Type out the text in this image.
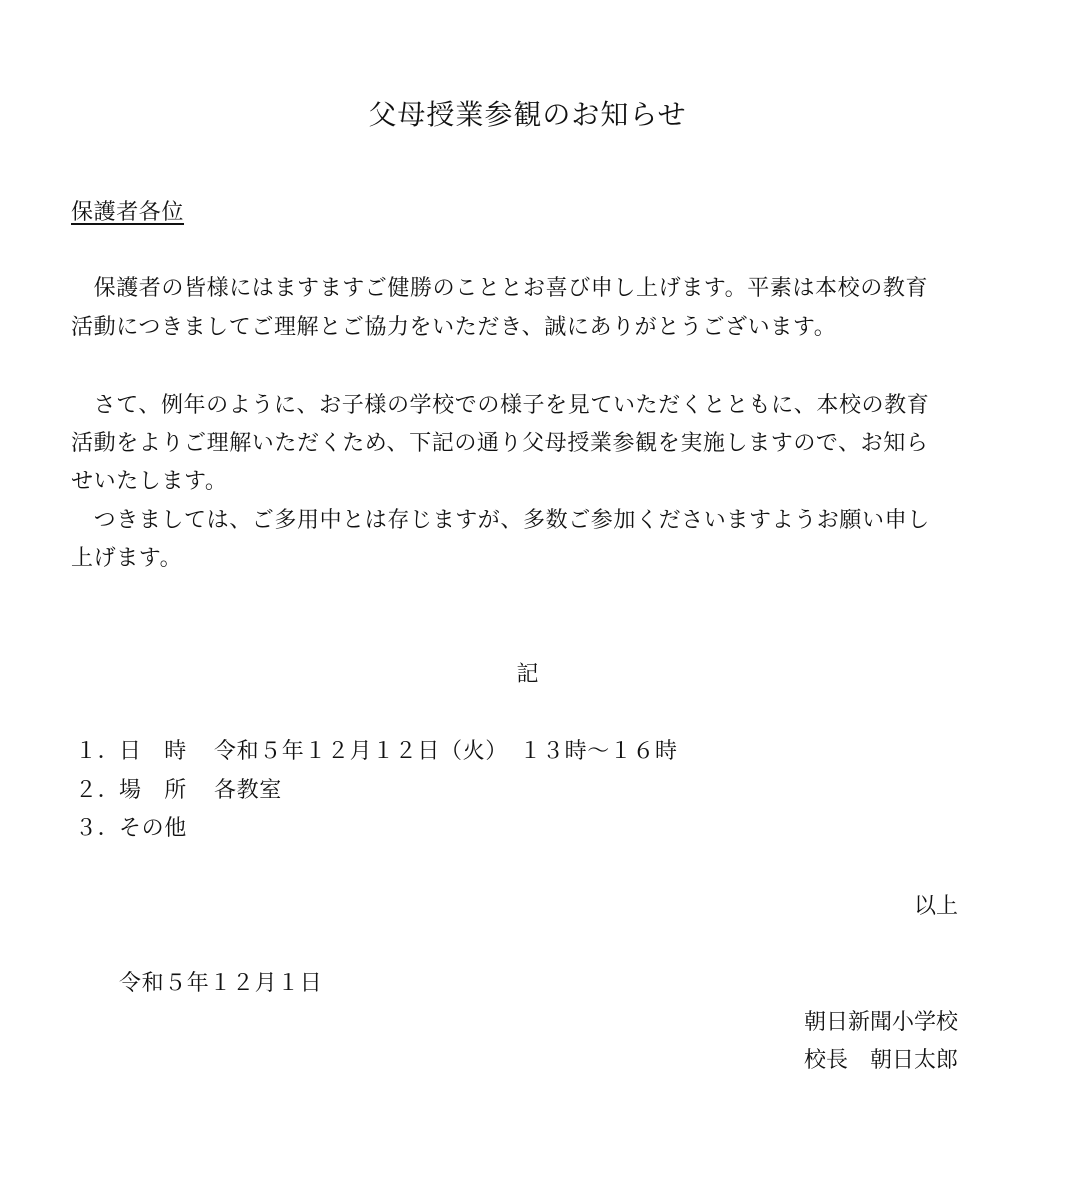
父母授業参観のお知らせ
保護者各位
　保護者の皆様にはますますご健勝のこととお喜び申し上げます。平素は本校の教育
活動につきましてご理解とご協力をいただき、誠にありがとうございます。
　さて、例年のように、お子様の学校での様子を見ていただくとともに、本校の教育
活動をよりご理解いただくため、下記の通り父母授業参観を実施しますので、お知ら
せいたします。
　つきましては、ご多用中とは存じますが、多数ご参加くださいますようお願い申し
上げます。
記
１．日　時 令和５年１２月１２日（火）　１３時～１６時
２．場　所 各教室
３．その他
以上
令和５年１２月１日
朝日新聞小学校
校長　朝日太郎
